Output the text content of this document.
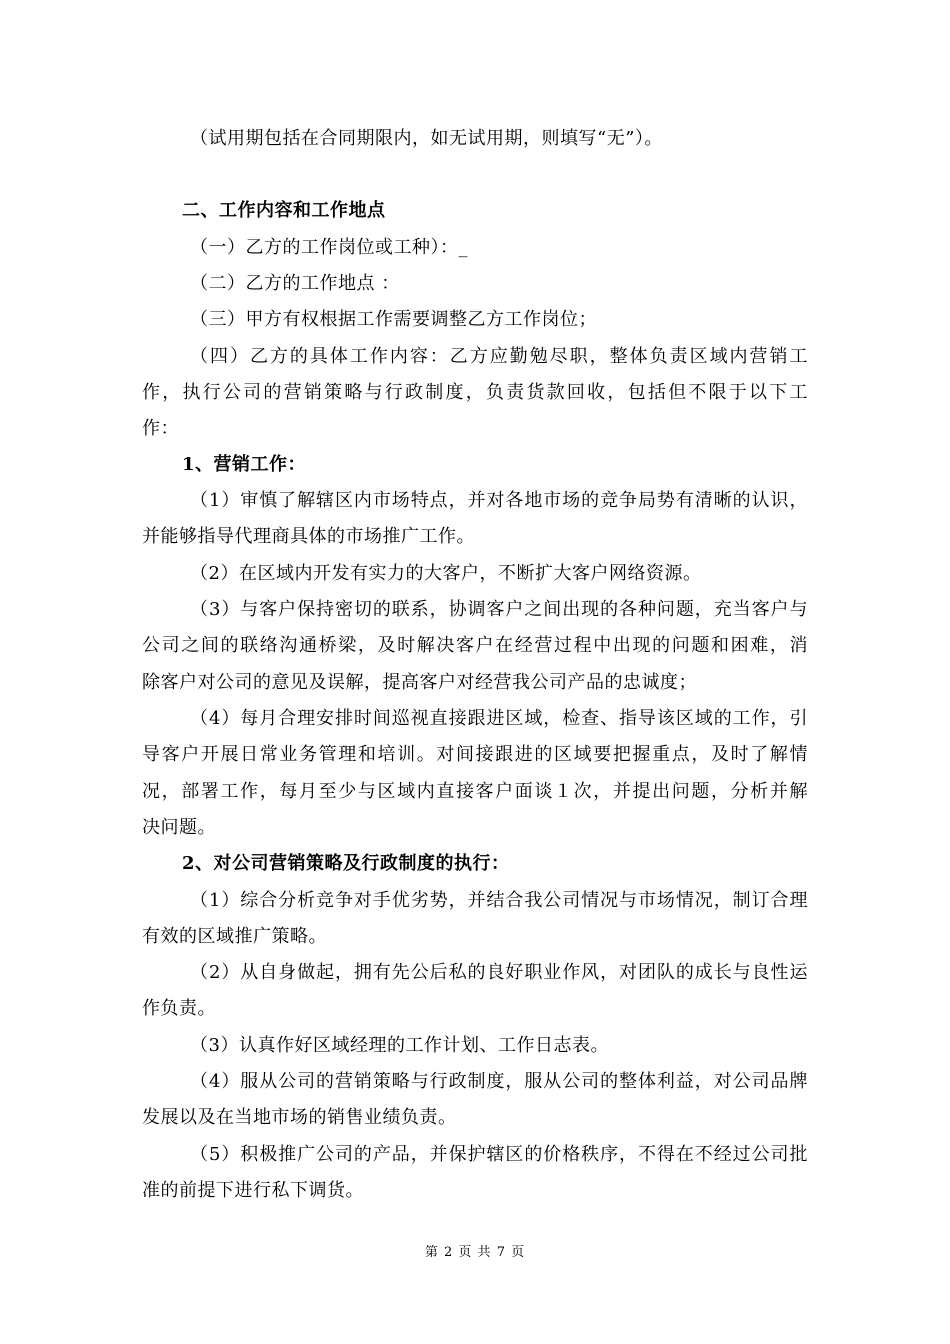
（试用期包括在合同期限内，如无试用期，则填写“无”）。
二、工作内容和工作地点
（一）乙方的工作岗位或工种）：_
（二）乙方的工作地点 ：
（三）甲方有权根据工作需要调整乙方工作岗位；
（四）乙方的具体工作内容：乙方应勤勉尽职，整体负责区域内营销工
作，执行公司的营销策略与行政制度，负责货款回收，包括但不限于以下工
作：
1、营销工作：
（1）审慎了解辖区内市场特点，并对各地市场的竞争局势有清晰的认识，
并能够指导代理商具体的市场推广工作。
（2）在区域内开发有实力的大客户，不断扩大客户网络资源。
（3）与客户保持密切的联系，协调客户之间出现的各种问题，充当客户与
公司之间的联络沟通桥梁，及时解决客户在经营过程中出现的问题和困难，消
除客户对公司的意见及误解，提高客户对经营我公司产品的忠诚度；
（4）每月合理安排时间巡视直接跟进区域，检查、指导该区域的工作，引
导客户开展日常业务管理和培训。对间接跟进的区域要把握重点，及时了解情
况，部署工作，每月至少与区域内直接客户面谈１次，并提出问题，分析并解
决问题。
2、对公司营销策略及行政制度的执行：
（1）综合分析竞争对手优劣势，并结合我公司情况与市场情况，制订合理
有效的区域推广策略。
（2）从自身做起，拥有先公后私的良好职业作风，对团队的成长与良性运
作负责。
（3）认真作好区域经理的工作计划、工作日志表。
（4）服从公司的营销策略与行政制度，服从公司的整体利益，对公司品牌
发展以及在当地市场的销售业绩负责。
（5）积极推广公司的产品，并保护辖区的价格秩序，不得在不经过公司批
准的前提下进行私下调货。
第 2 页 共 7 页
